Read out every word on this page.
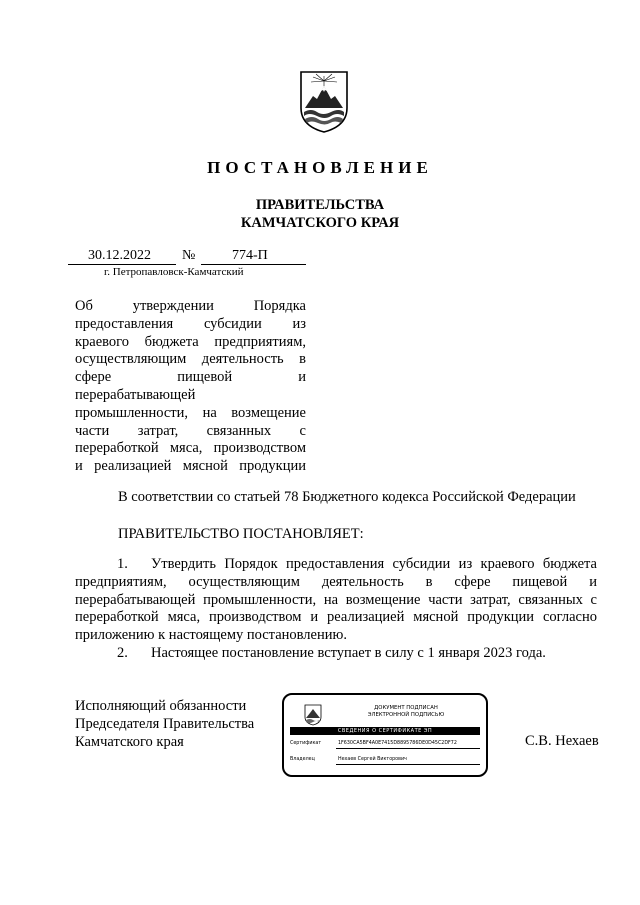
ПОСТАНОВЛЕНИЕ
ПРАВИТЕЛЬСТВА
КАМЧАТСКОГО КРАЯ
30.12.2022 №	774-П
г. Петропавловск-Камчатский
Об утверждении Порядка
предоставления субсидии из
краевого бюджета предприятиям,
осуществляющим деятельность в
сфере пищевой и
перерабатывающей
промышленности, на возмещение
части затрат, связанных с
переработкой мяса, производством
и реализацией мясной продукции
В соответствии со статьей 78 Бюджетного кодекса Российской Федерации
ПРАВИТЕЛЬСТВО ПОСТАНОВЛЯЕТ:
1. Утвердить Порядок предоставления субсидии из краевого бюджета
предприятиям, осуществляющим деятельность в сфере пищевой и
перерабатывающей промышленности, на возмещение части затрат, связанных с
переработкой мяса, производством и реализацией мясной продукции согласно
приложению к настоящему постановлению.
2. Настоящее постановление вступает в силу с 1 января 2023 года.
Исполняющий обязанности
Председателя Правительства
Камчатского края	С.В. Нехаев
ДОКУМЕНТ ПОДПИСАН
ЭЛЕКТРОННОЙ ПОДПИСЬЮ
СВЕДЕНИЯ О СЕРТИФИКАТЕ ЭП
Сертификат	1F630CA5BF4A0E7415D8895786DE0D45C2DF72
Владелец	Нехаев Сергей Викторович
